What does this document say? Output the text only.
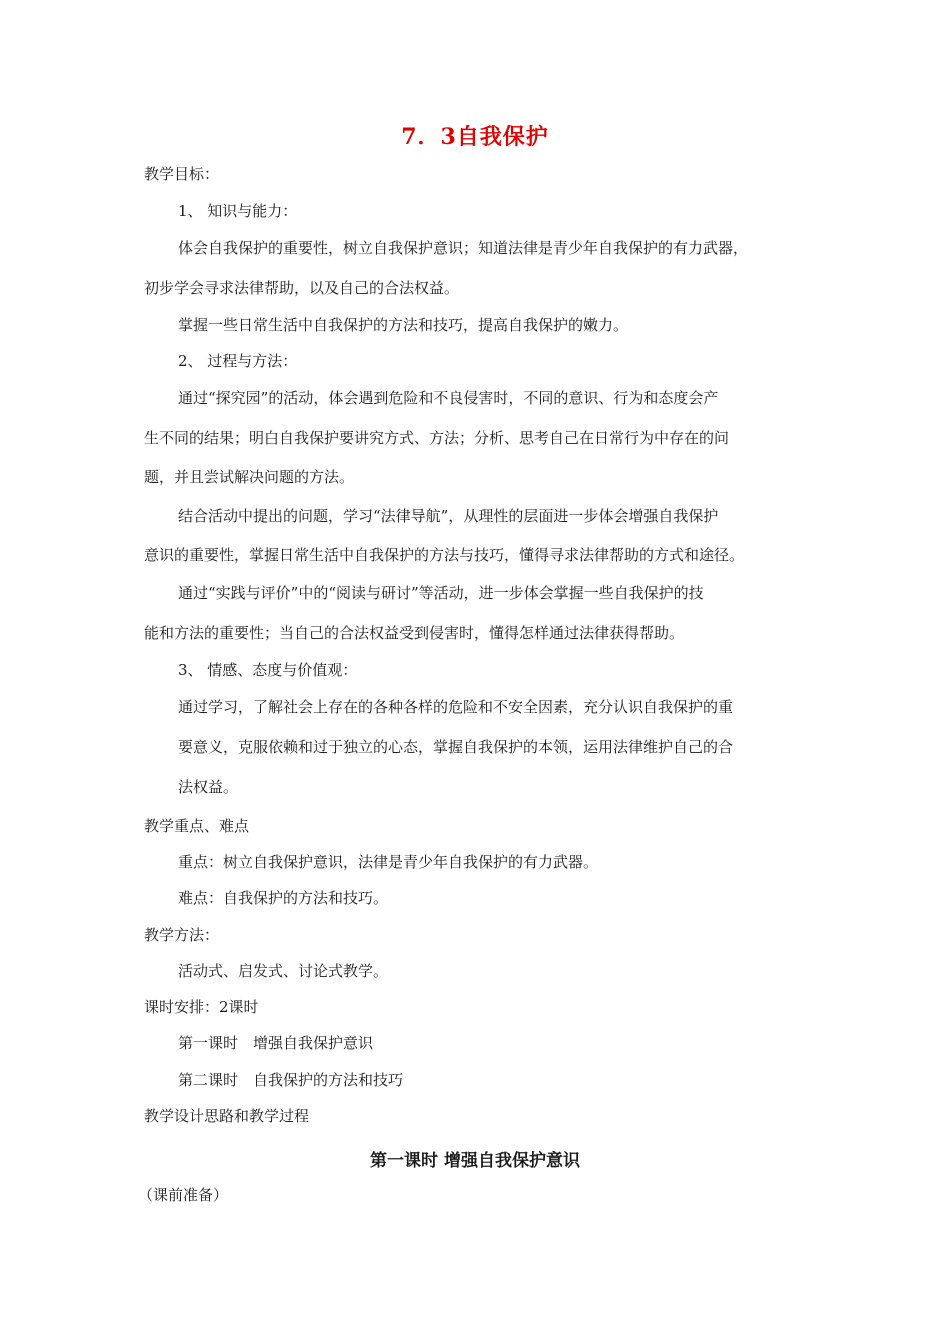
7．3自我保护
教学目标：
1、 知识与能力：
体会自我保护的重要性，树立自我保护意识；知道法律是青少年自我保护的有力武器，
初步学会寻求法律帮助，以及自己的合法权益。
掌握一些日常生活中自我保护的方法和技巧，提高自我保护的嫩力。
2、 过程与方法：
通过“探究园”的活动，体会遇到危险和不良侵害时，不同的意识、行为和态度会产
生不同的结果；明白自我保护要讲究方式、方法；分析、思考自己在日常行为中存在的问
题，并且尝试解决问题的方法。
结合活动中提出的问题，学习“法律导航”，从理性的层面进一步体会增强自我保护
意识的重要性，掌握日常生活中自我保护的方法与技巧，懂得寻求法律帮助的方式和途径。
通过“实践与评价”中的“阅读与研讨”等活动，进一步体会掌握一些自我保护的技
能和方法的重要性；当自己的合法权益受到侵害时，懂得怎样通过法律获得帮助。
3、 情感、态度与价值观：
通过学习，了解社会上存在的各种各样的危险和不安全因素，充分认识自我保护的重
要意义，克服依赖和过于独立的心态，掌握自我保护的本领，运用法律维护自己的合
法权益。
教学重点、难点
重点：树立自我保护意识，法律是青少年自我保护的有力武器。
难点：自我保护的方法和技巧。
教学方法：
活动式、启发式、讨论式教学。
课时安排：2课时
第一课时　增强自我保护意识
第二课时　自我保护的方法和技巧
教学设计思路和教学过程
第一课时 增强自我保护意识
（课前准备）
